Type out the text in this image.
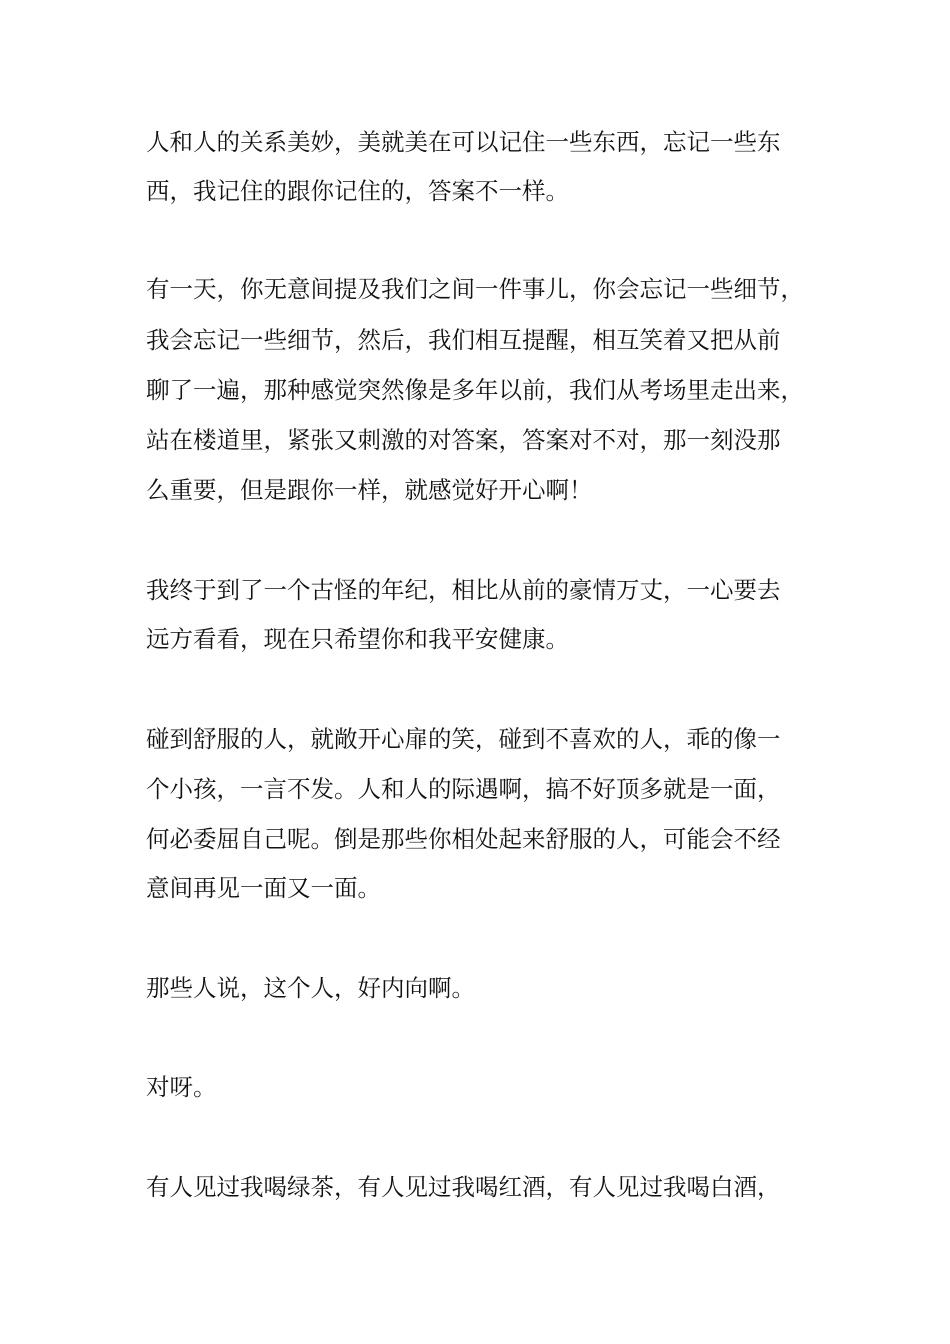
人和人的关系美妙，美就美在可以记住一些东西，忘记一些东

西，我记住的跟你记住的，答案不一样。

有一天，你无意间提及我们之间一件事儿，你会忘记一些细节，

我会忘记一些细节，然后，我们相互提醒，相互笑着又把从前

聊了一遍，那种感觉突然像是多年以前，我们从考场里走出来，

站在楼道里，紧张又刺激的对答案，答案对不对，那一刻没那

么重要，但是跟你一样，就感觉好开心啊！

我终于到了一个古怪的年纪，相比从前的豪情万丈，一心要去

远方看看，现在只希望你和我平安健康。

碰到舒服的人，就敞开心扉的笑，碰到不喜欢的人，乖的像一

个小孩，一言不发。人和人的际遇啊，搞不好顶多就是一面，

何必委屈自己呢。倒是那些你相处起来舒服的人，可能会不经

意间再见一面又一面。

那些人说，这个人，好内向啊。

对呀。

有人见过我喝绿茶，有人见过我喝红酒，有人见过我喝白酒，
